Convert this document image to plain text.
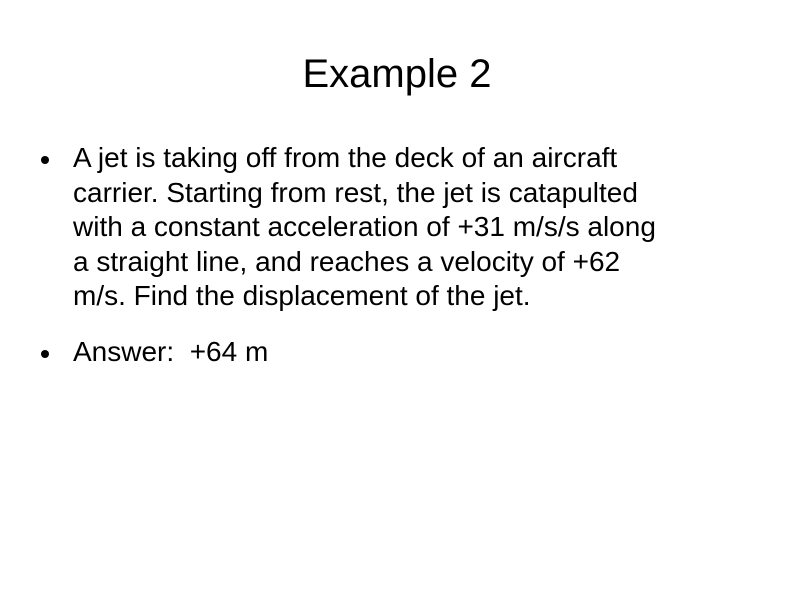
Example 2
A jet is taking off from the deck of an aircraft
carrier. Starting from rest, the jet is catapulted
with a constant acceleration of +31 m/s/s along
a straight line, and reaches a velocity of +62
m/s. Find the displacement of the jet.
Answer:  +64 m
